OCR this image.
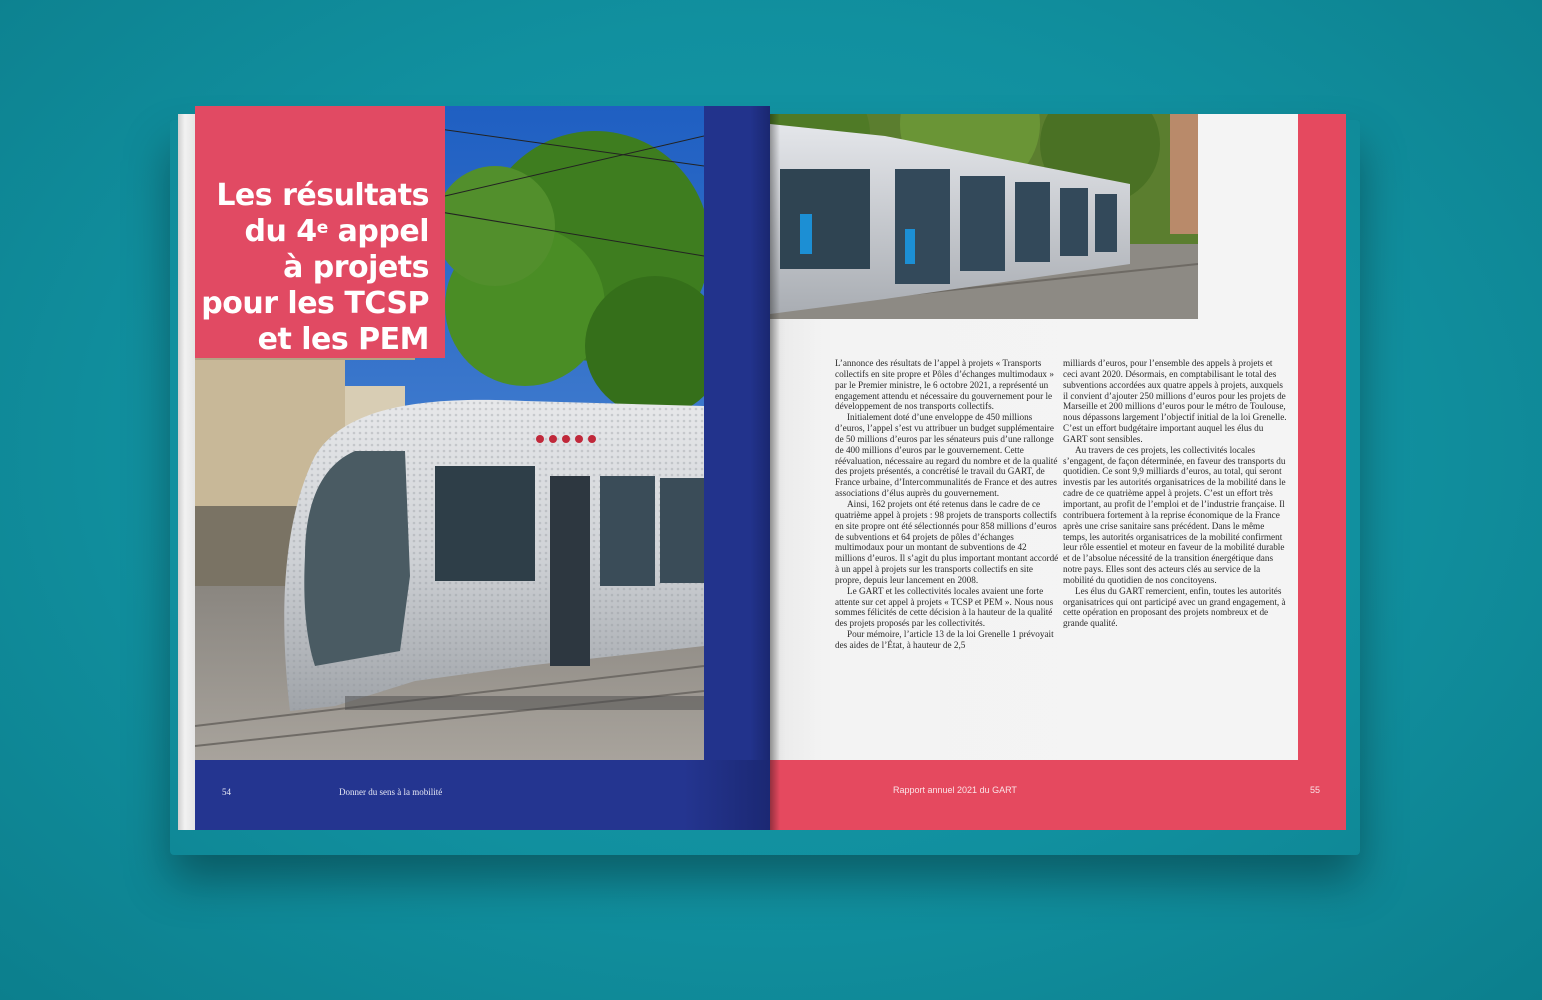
54	Donner du sens à la mobilité
Les résultats
du 4e appel
à projets
pour les TCSP
et les PEM

L’annonce des résultats de l’appel à projets « Transports collectifs en site propre et Pôles d’échanges multimodaux » par le Premier ministre, le 6 octobre 2021, a représenté un engagement attendu et nécessaire du gouvernement pour le développement de nos transports collectifs.

Initialement doté d’une enveloppe de 450 millions d’euros, l’appel s’est vu attribuer un budget supplémentaire de 50 millions d’euros par les sénateurs puis d’une rallonge de 400 millions d’euros par le gouvernement. Cette réévaluation, nécessaire au regard du nombre et de la qualité des projets présentés, a concrétisé le travail du GART, de France urbaine, d’Intercommunalités de France et des autres associations d’élus auprès du gouvernement.

Ainsi, 162 projets ont été retenus dans le cadre de ce quatrième appel à projets : 98 projets de transports collectifs en site propre ont été sélectionnés pour 858 millions d’euros de subventions et 64 projets de pôles d’échanges multimodaux pour un montant de subventions de 42 millions d’euros. Il s’agit du plus important montant accordé à un appel à projets sur les transports collectifs en site propre, depuis leur lancement en 2008.

Le GART et les collectivités locales avaient une forte attente sur cet appel à projets « TCSP et PEM ». Nous nous sommes félicités de cette décision à la hauteur de la qualité des projets proposés par les collectivités.

Pour mémoire, l’article 13 de la loi Grenelle 1 prévoyait des aides de l’État, à hauteur de 2,5

milliards d’euros, pour l’ensemble des appels à projets et ceci avant 2020. Désormais, en comptabilisant le total des subventions accordées aux quatre appels à projets, auxquels il convient d’ajouter 250 millions d’euros pour les projets de Marseille et 200 millions d’euros pour le métro de Toulouse, nous dépassons largement l’objectif initial de la loi Grenelle. C’est un effort budgétaire important auquel les élus du GART sont sensibles.

Au travers de ces projets, les collectivités locales s’engagent, de façon déterminée, en faveur des transports du quotidien. Ce sont 9,9 milliards d’euros, au total, qui seront investis par les autorités organisatrices de la mobilité dans le cadre de ce quatrième appel à projets. C’est un effort très important, au profit de l’emploi et de l’industrie française. Il contribuera fortement à la reprise économique de la France après une crise sanitaire sans précédent. Dans le même temps, les autorités organisatrices de la mobilité confirment leur rôle essentiel et moteur en faveur de la mobilité durable et de l’absolue nécessité de la transition énergétique dans notre pays. Elles sont des acteurs clés au service de la mobilité du quotidien de nos concitoyens.

Les élus du GART remercient, enfin, toutes les autorités organisatrices qui ont participé avec un grand engagement, à cette opération en proposant des projets nombreux et de grande qualité.

Rapport annuel 2021 du GART	55
